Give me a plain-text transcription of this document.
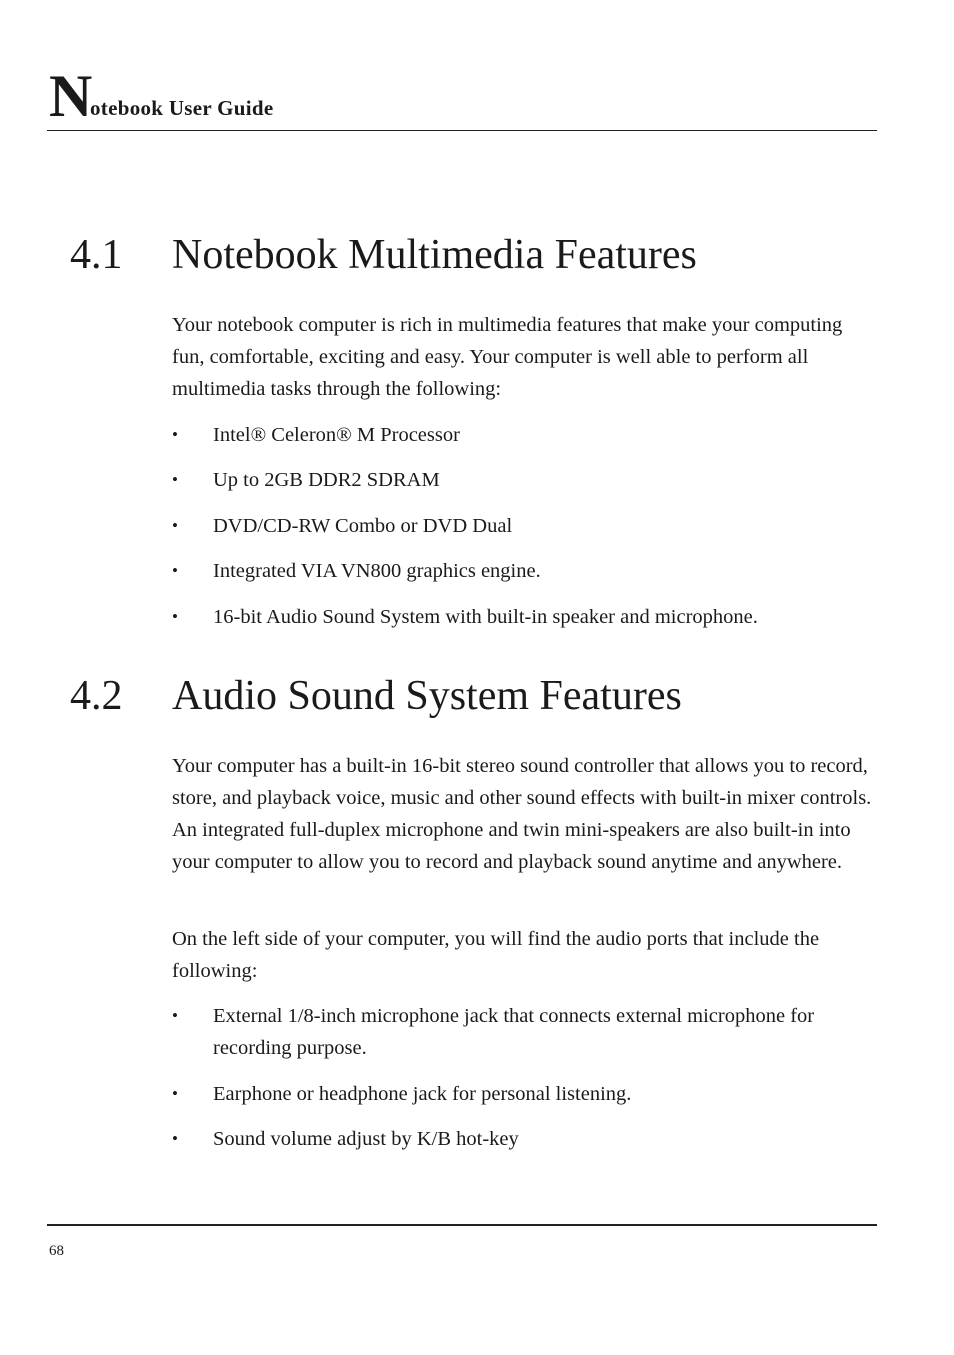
N
otebook User Guide
4.1 Notebook Multimedia Features

Your notebook computer is rich in multimedia features that make your computing fun, comfortable, exciting and easy. Your computer is well able to perform all multimedia tasks through the following:

•	Intel® Celeron® M Processor
•	Up to 2GB DDR2 SDRAM
•	DVD/CD-RW Combo or DVD Dual
•	Integrated VIA VN800 graphics engine.
•	16-bit Audio Sound System with built-in speaker and microphone.
4.2 Audio Sound System Features

Your computer has a built-in 16-bit stereo sound controller that allows you to record, store, and playback voice, music and other sound effects with built-in mixer controls. An integrated full-duplex microphone and twin mini-speakers are also built-in into your computer to allow you to record and playback sound anytime and anywhere.

On the left side of your computer, you will find the audio ports that include the following:

•	External 1/8-inch microphone jack that connects external microphone for recording purpose.
•	Earphone or headphone jack for personal listening.
•	Sound volume adjust by K/B hot-key
68
